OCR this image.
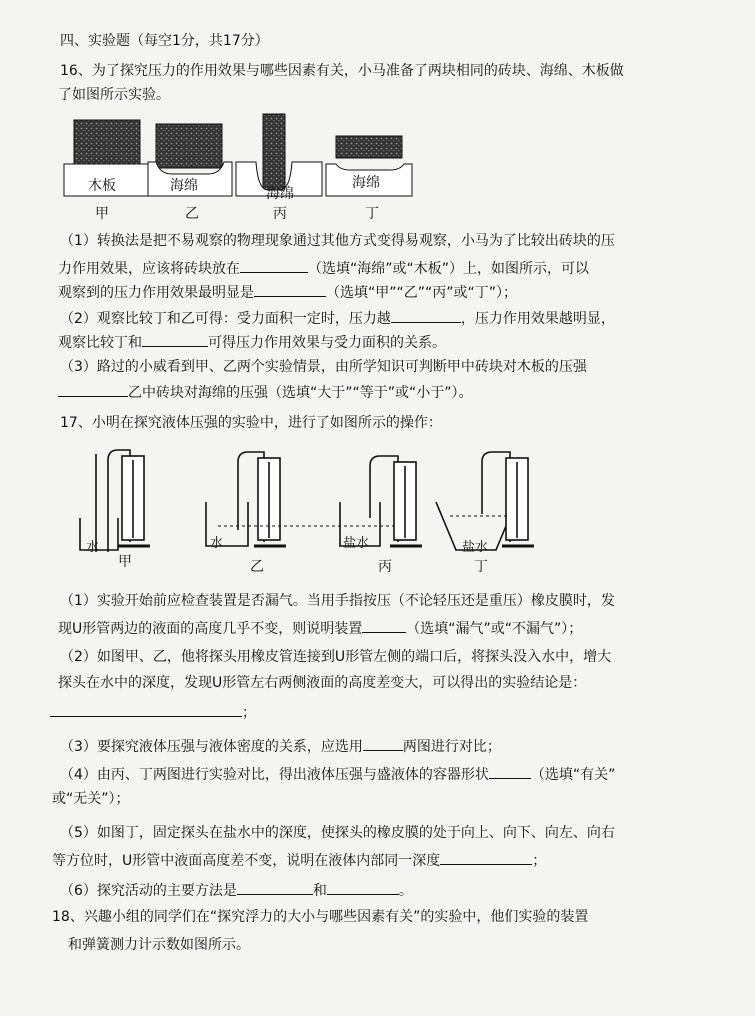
四、实验题（每空1分，共17分）
16、为了探究压力的作用效果与哪些因素有关，小马准备了两块相同的砖块、海绵、木板做
了如图所示实验。
木板	海绵	海绵
海绵
甲	乙	丙	丁
（1）转换法是把不易观察的物理现象通过其他方式变得易观察，小马为了比较出砖块的压
力作用效果，应该将砖块放在	（选填“海绵”或“木板”）上，如图所示，可以
观察到的压力作用效果最明显是	（选填“甲”“乙”“丙”或“丁”）；
（2）观察比较丁和乙可得：受力面积一定时，压力越	，压力作用效果越明显，
观察比较丁和	可得压力作用效果与受力面积的关系。
（3）路过的小威看到甲、乙两个实验情景，由所学知识可判断甲中砖块对木板的压强
乙中砖块对海绵的压强（选填“大于”“等于”或“小于”）。
17、小明在探究液体压强的实验中，进行了如图所示的操作：
水	水	盐水	盐水
甲	乙	丙	丁
（1）实验开始前应检查装置是否漏气。当用手指按压（不论轻压还是重压）橡皮膜时，发
现U形管两边的液面的高度几乎不变，则说明装置	（选填“漏气”或“不漏气”）；
（2）如图甲、乙，他将探头用橡皮管连接到U形管左侧的端口后，将探头没入水中，增大
探头在水中的深度，发现U形管左右两侧液面的高度差变大，可以得出的实验结论是：
；
（3）要探究液体压强与液体密度的关系，应选用	两图进行对比；
（4）由丙、丁两图进行实验对比，得出液体压强与盛液体的容器形状	（选填“有关”
或“无关”）；
（5）如图丁，固定探头在盐水中的深度，使探头的橡皮膜的处于向上、向下、向左、向右
等方位时，U形管中液面高度差不变，说明在液体内部同一深度	；
（6）探究活动的主要方法是	和	。
18、兴趣小组的同学们在“探究浮力的大小与哪些因素有关”的实验中，他们实验的装置
和弹簧测力计示数如图所示。
